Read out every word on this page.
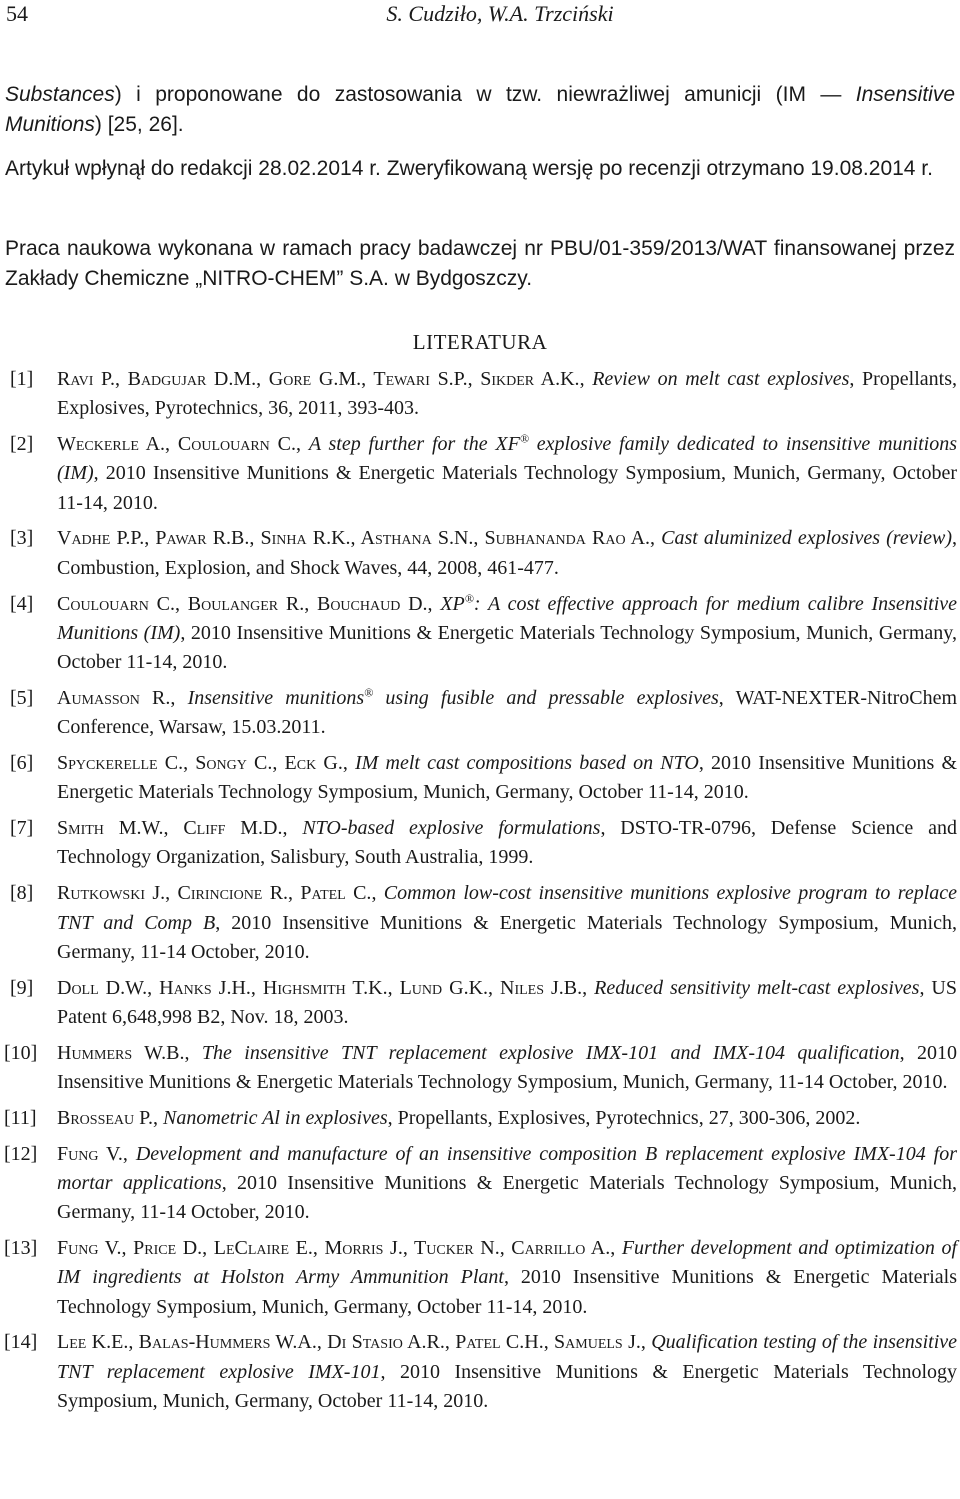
54	S. Cudziło, W.A. Trzciński
Substances) i proponowane do zastosowania w tzw. niewrażliwej amunicji (IM — Insensitive Munitions) [25, 26].
Artykuł wpłynął do redakcji 28.02.2014 r. Zweryfikowaną wersję po recenzji otrzymano 19.08.2014 r.
Praca naukowa wykonana w ramach pracy badawczej nr PBU/01-359/2013/WAT finansowanej przez Zakłady Chemiczne „NITRO-CHEM” S.A. w Bydgoszczy.
LITERATURA
[1] Ravi P., Badgujar D.M., Gore G.M., Tewari S.P., Sikder A.K., Review on melt cast explosives, Propellants, Explosives, Pyrotechnics, 36, 2011, 393-403.
[2] Weckerle A., Coulouarn C., A step further for the XF® explosive family dedicated to insensitive munitions (IM), 2010 Insensitive Munitions & Energetic Materials Technology Symposium, Munich, Germany, October 11-14, 2010.
[3] Vadhe P.P., Pawar R.B., Sinha R.K., Asthana S.N., Subhananda Rao A., Cast aluminized explosives (review), Combustion, Explosion, and Shock Waves, 44, 2008, 461-477.
[4] Coulouarn C., Boulanger R., Bouchaud D., XP®: A cost effective approach for medium calibre Insensitive Munitions (IM), 2010 Insensitive Munitions & Energetic Materials Technology Symposium, Munich, Germany, October 11-14, 2010.
[5] Aumasson R., Insensitive munitions® using fusible and pressable explosives, WAT-NEXTER-NitroChem Conference, Warsaw, 15.03.2011.
[6] Spyckerelle C., Songy C., Eck G., IM melt cast compositions based on NTO, 2010 Insensitive Munitions & Energetic Materials Technology Symposium, Munich, Germany, October 11-14, 2010.
[7] Smith M.W., Cliff M.D., NTO-based explosive formulations, DSTO-TR-0796, Defense Science and Technology Organization, Salisbury, South Australia, 1999.
[8] Rutkowski J., Cirincione R., Patel C., Common low-cost insensitive munitions explosive program to replace TNT and Comp B, 2010 Insensitive Munitions & Energetic Materials Technology Symposium, Munich, Germany, 11-14 October, 2010.
[9] Doll D.W., Hanks J.H., Highsmith T.K., Lund G.K., Niles J.B., Reduced sensitivity melt-cast explosives, US Patent 6,648,998 B2, Nov. 18, 2003.
[10] Hummers W.B., The insensitive TNT replacement explosive IMX-101 and IMX-104 qualification, 2010 Insensitive Munitions & Energetic Materials Technology Symposium, Munich, Germany, 11-14 October, 2010.
[11] Brosseau P., Nanometric Al in explosives, Propellants, Explosives, Pyrotechnics, 27, 300-306, 2002.
[12] Fung V., Development and manufacture of an insensitive composition B replacement explosive IMX-104 for mortar applications, 2010 Insensitive Munitions & Energetic Materials Technology Symposium, Munich, Germany, 11-14 October, 2010.
[13] Fung V., Price D., LeClaire E., Morris J., Tucker N., Carrillo A., Further development and optimization of IM ingredients at Holston Army Ammunition Plant, 2010 Insensitive Munitions & Energetic Materials Technology Symposium, Munich, Germany, October 11-14, 2010.
[14] Lee K.E., Balas-Hummers W.A., Di Stasio A.R., Patel C.H., Samuels J., Qualification testing of the insensitive TNT replacement explosive IMX-101, 2010 Insensitive Munitions & Energetic Materials Technology Symposium, Munich, Germany, October 11-14, 2010.
